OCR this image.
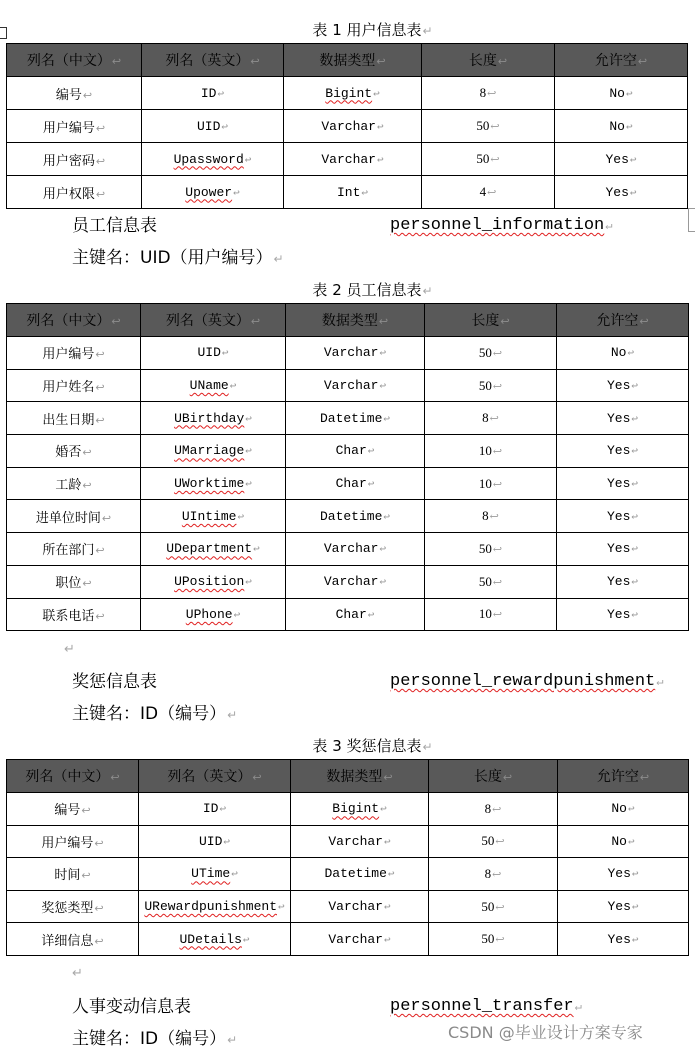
表 1 用户信息表↵
列名（中文）↩	列名（英文）↩	数据类型↩	长度↩	允许空↩
编号↩	ID↩	Bigint↩	8↩	No↩
用户编号↩	UID↩	Varchar↩	50↩	No↩
用户密码↩	Upassword↩	Varchar↩	50↩	Yes↩
用户权限↩	Upower↩	Int↩	4↩	Yes↩
员工信息表	personnel_information↵
主键名：UID（用户编号）↵
表 2 员工信息表↵
列名（中文）↩	列名（英文）↩	数据类型↩	长度↩	允许空↩
用户编号↩	UID↩	Varchar↩	50↩	No↩
用户姓名↩	UName↩	Varchar↩	50↩	Yes↩
出生日期↩	UBirthday↩	Datetime↩	8↩	Yes↩
婚否↩	UMarriage↩	Char↩	10↩	Yes↩
工龄↩	UWorktime↩	Char↩	10↩	Yes↩
进单位时间↩	UIntime↩	Datetime↩	8↩	Yes↩
所在部门↩	UDepartment↩	Varchar↩	50↩	Yes↩
职位↩	UPosition↩	Varchar↩	50↩	Yes↩
联系电话↩	UPhone↩	Char↩	10↩	Yes↩
↵
奖惩信息表	personnel_rewardpunishment↵
主键名：ID（编号）↵
表 3 奖惩信息表↵
列名（中文）↩	列名（英文）↩	数据类型↩	长度↩	允许空↩
编号↩	ID↩	Bigint↩	8↩	No↩
用户编号↩	UID↩	Varchar↩	50↩	No↩
时间↩	UTime↩	Datetime↩	8↩	Yes↩
奖惩类型↩	URewardpunishment↩	Varchar↩	50↩	Yes↩
详细信息↩	UDetails↩	Varchar↩	50↩	Yes↩
↵
人事变动信息表	personnel_transfer↵
主键名：ID（编号）↵	CSDN @毕业设计方案专家
